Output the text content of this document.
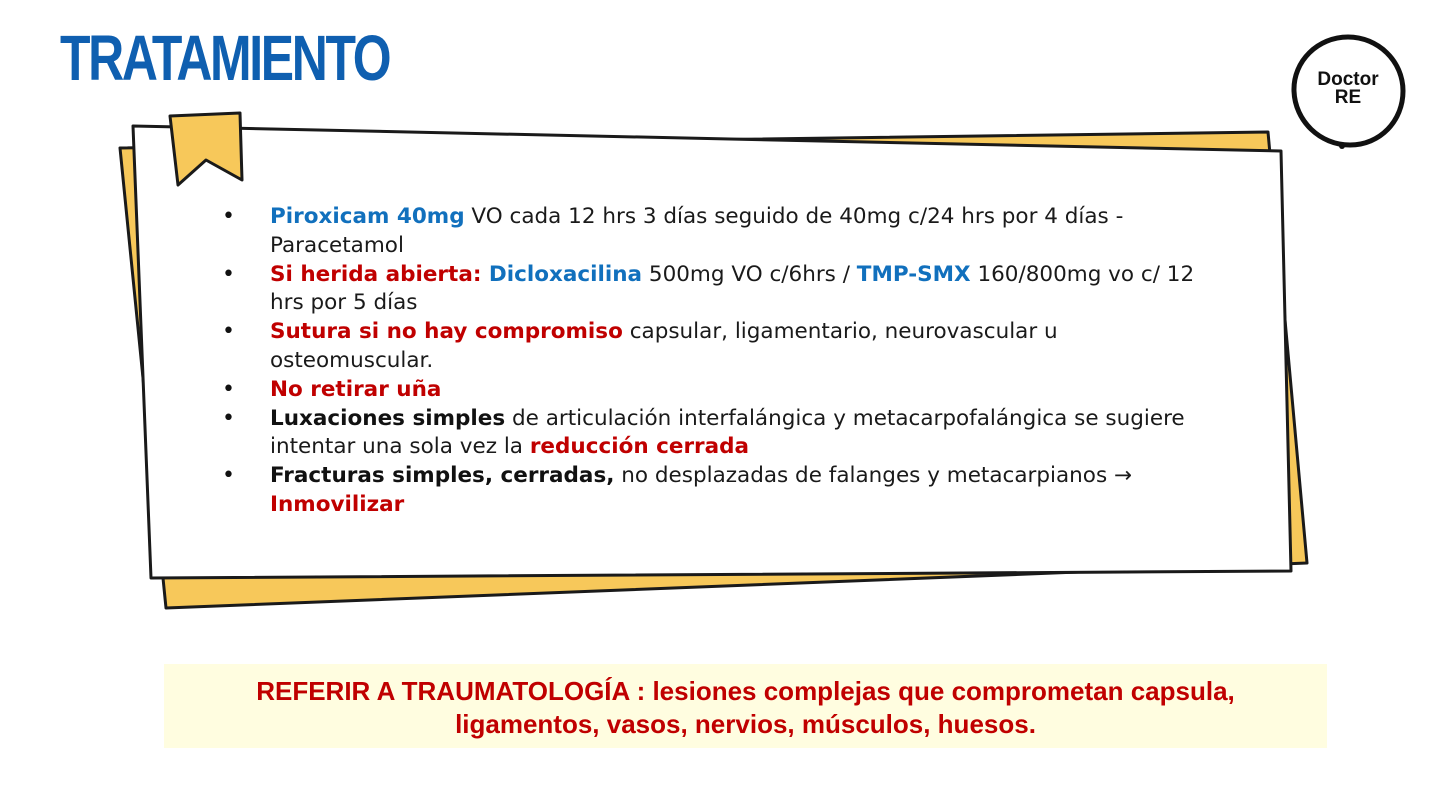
TRATAMIENTO	Doctor
RE
• Piroxicam 40mg VO cada 12 hrs 3 días seguido de 40mg c/24 hrs por 4 días - Paracetamol
• Si herida abierta: Dicloxacilina 500mg VO c/6hrs / TMP-SMX 160/800mg vo c/ 12 hrs por 5 días
• Sutura si no hay compromiso capsular, ligamentario, neurovascular u osteomuscular.
• No retirar uña
• Luxaciones simples de articulación interfalángica y metacarpofalángica se sugiere intentar una sola vez la reducción cerrada
• Fracturas simples, cerradas, no desplazadas de falanges y metacarpianos → Inmovilizar
REFERIR A TRAUMATOLOGÍA : lesiones complejas que comprometan capsula,
ligamentos, vasos, nervios, músculos, huesos.
